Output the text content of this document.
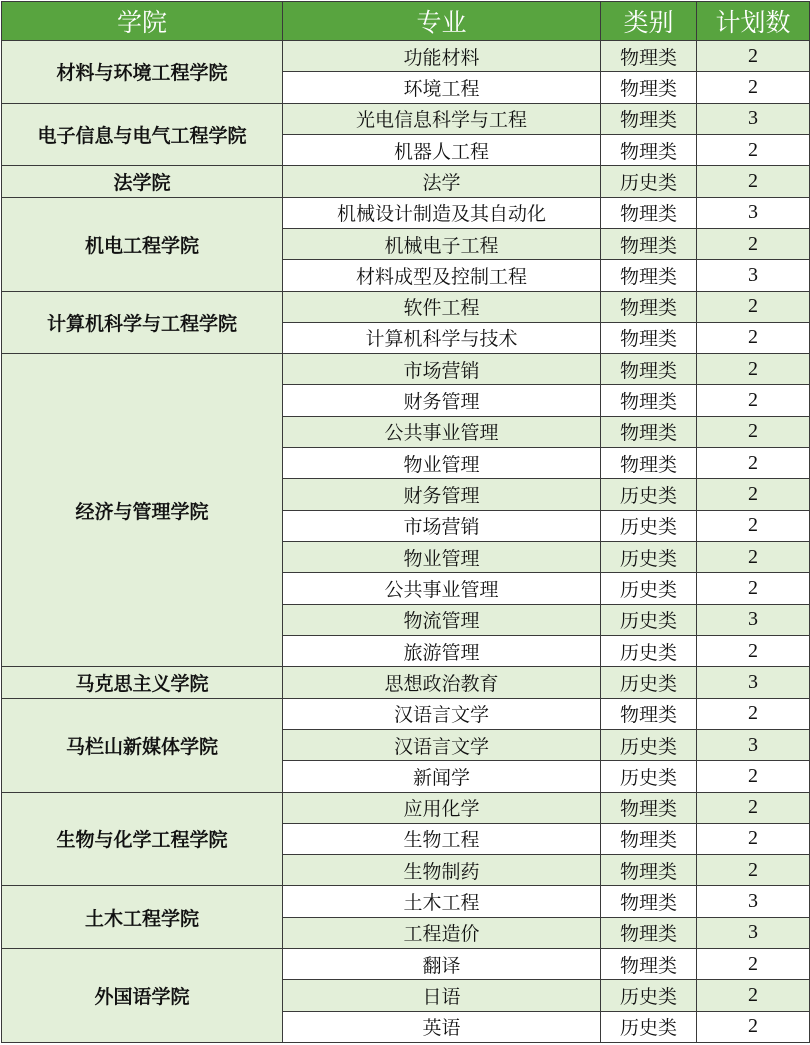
学院	专业	类别	计划数
材料与环境工程学院	功能材料	物理类	2
	环境工程	物理类	2
电子信息与电气工程学院	光电信息科学与工程	物理类	3
	机器人工程	物理类	2
法学院	法学	历史类	2
机电工程学院	机械设计制造及其自动化	物理类	3
	机械电子工程	物理类	2
	材料成型及控制工程	物理类	3
计算机科学与工程学院	软件工程	物理类	2
	计算机科学与技术	物理类	2
经济与管理学院	市场营销	物理类	2
	财务管理	物理类	2
	公共事业管理	物理类	2
	物业管理	物理类	2
	财务管理	历史类	2
	市场营销	历史类	2
	物业管理	历史类	2
	公共事业管理	历史类	2
	物流管理	历史类	3
	旅游管理	历史类	2
马克思主义学院	思想政治教育	历史类	3
马栏山新媒体学院	汉语言文学	物理类	2
	汉语言文学	历史类	3
	新闻学	历史类	2
生物与化学工程学院	应用化学	物理类	2
	生物工程	物理类	2
	生物制药	物理类	2
土木工程学院	土木工程	物理类	3
	工程造价	物理类	3
外国语学院	翻译	物理类	2
	日语	历史类	2
	英语	历史类	2
